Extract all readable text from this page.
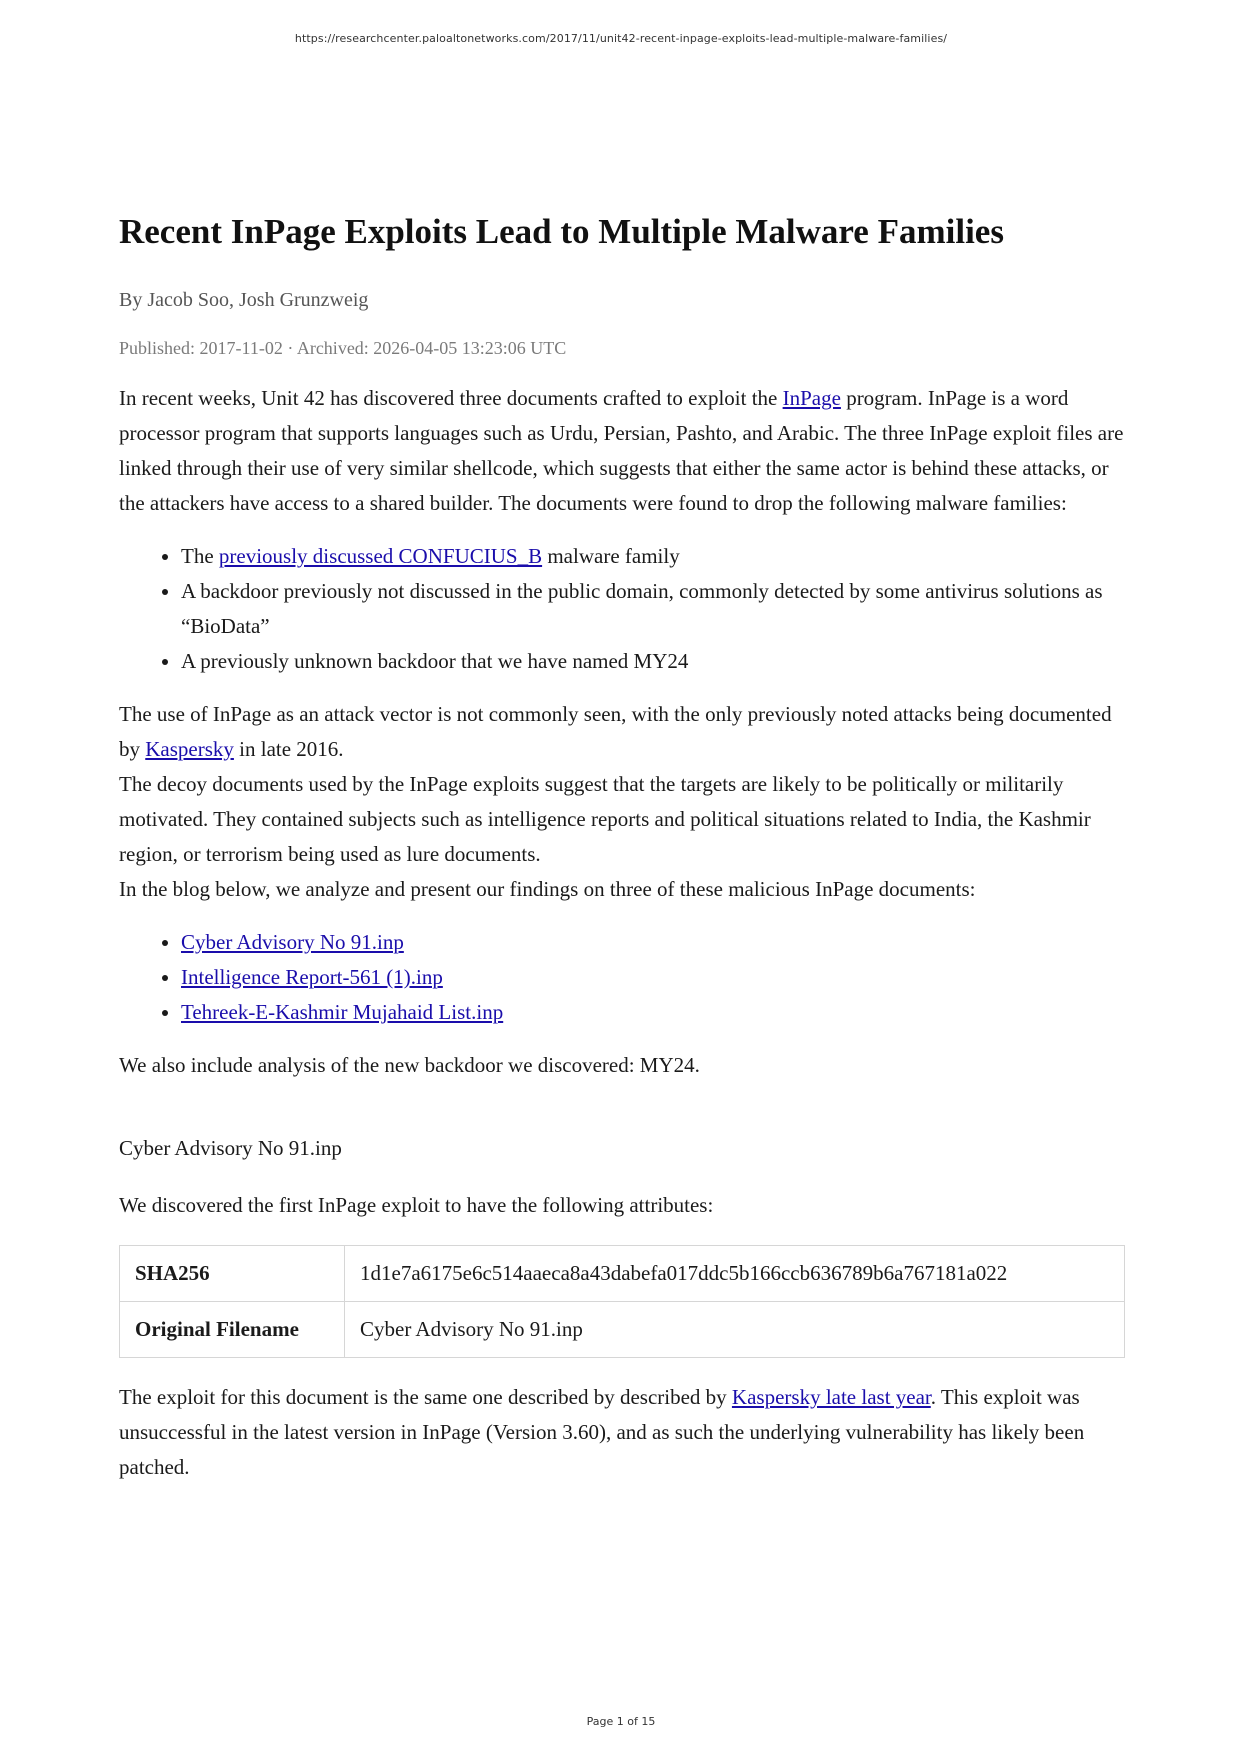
https://researchcenter.paloaltonetworks.com/2017/11/unit42-recent-inpage-exploits-lead-multiple-malware-families/
Recent InPage Exploits Lead to Multiple Malware Families
By Jacob Soo, Josh Grunzweig
Published: 2017-11-02 · Archived: 2026-04-05 13:23:06 UTC

In recent weeks, Unit 42 has discovered three documents crafted to exploit the InPage program. InPage is a word processor program that supports languages such as Urdu, Persian, Pashto, and Arabic. The three InPage exploit files are linked through their use of very similar shellcode, which suggests that either the same actor is behind these attacks, or the attackers have access to a shared builder. The documents were found to drop the following malware families:

• The previously discussed CONFUCIUS_B malware family
• A backdoor previously not discussed in the public domain, commonly detected by some antivirus solutions as “BioData”
• A previously unknown backdoor that we have named MY24

The use of InPage as an attack vector is not commonly seen, with the only previously noted attacks being documented by Kaspersky in late 2016.

The decoy documents used by the InPage exploits suggest that the targets are likely to be politically or militarily motivated. They contained subjects such as intelligence reports and political situations related to India, the Kashmir region, or terrorism being used as lure documents.

In the blog below, we analyze and present our findings on three of these malicious InPage documents:

• Cyber Advisory No 91.inp
• Intelligence Report-561 (1).inp
• Tehreek-E-Kashmir Mujahaid List.inp

We also include analysis of the new backdoor we discovered: MY24.

Cyber Advisory No 91.inp

We discovered the first InPage exploit to have the following attributes:

SHA256	1d1e7a6175e6c514aaeca8a43dabefa017ddc5b166ccb636789b6a767181a022
Original Filename	Cyber Advisory No 91.inp

The exploit for this document is the same one described by described by Kaspersky late last year. This exploit was unsuccessful in the latest version in InPage (Version 3.60), and as such the underlying vulnerability has likely been patched.

Page 1 of 15
